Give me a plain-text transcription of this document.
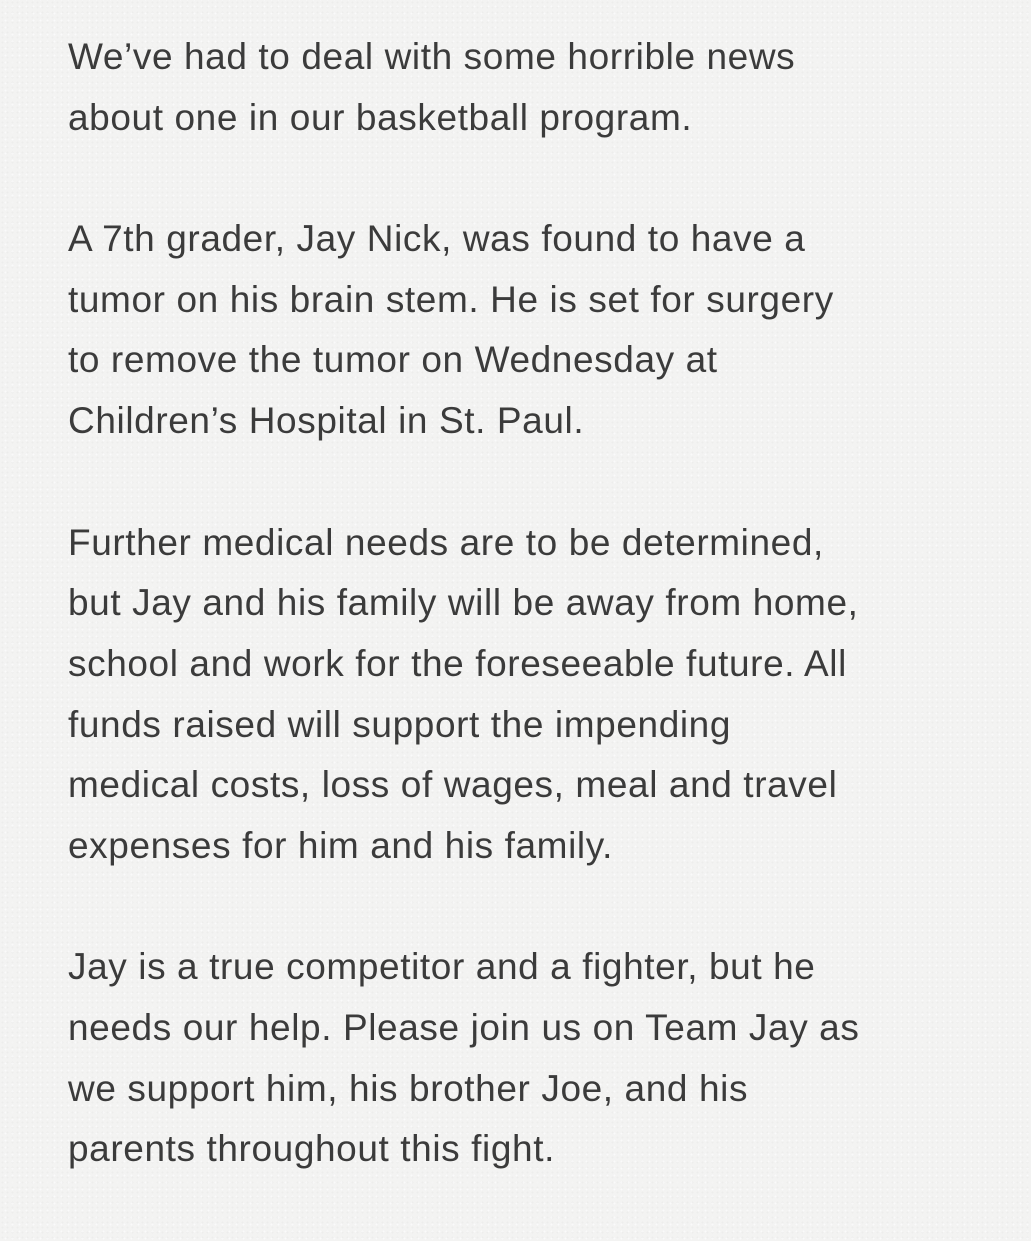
We’ve had to deal with some horrible news
about one in our basketball program.

A 7th grader, Jay Nick, was found to have a
tumor on his brain stem. He is set for surgery
to remove the tumor on Wednesday at
Children’s Hospital in St. Paul.

Further medical needs are to be determined,
but Jay and his family will be away from home,
school and work for the foreseeable future. All
funds raised will support the impending
medical costs, loss of wages, meal and travel
expenses for him and his family.

Jay is a true competitor and a fighter, but he
needs our help. Please join us on Team Jay as
we support him, his brother Joe, and his
parents throughout this fight.
